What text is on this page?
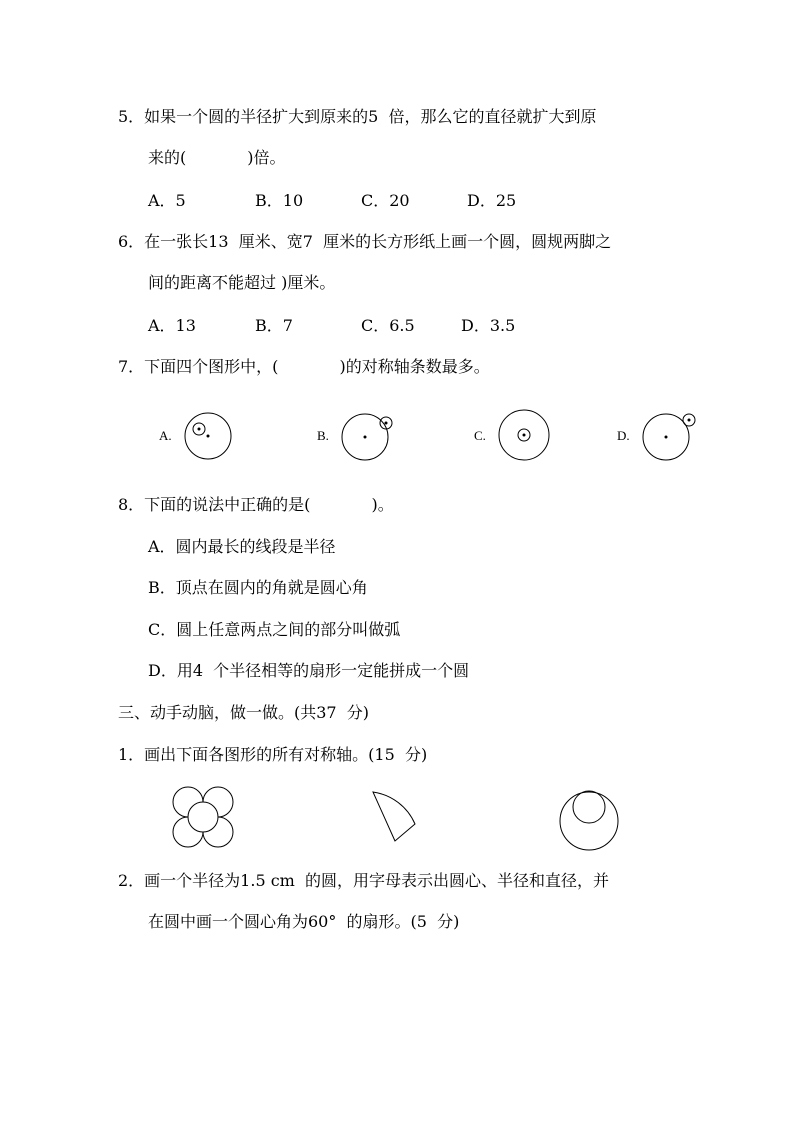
5．如果一个圆的半径扩大到原来的5  倍，那么它的直径就扩大到原
来的(            )倍。
A．5	B．10	C．20	D．25
6．在一张长13  厘米、宽7  厘米的长方形纸上画一个圆，圆规两脚之
间的距离不能超过 )厘米。
A．13	B．7	C．6.5	D．3.5
7．下面四个图形中，(            )的对称轴条数最多。
A.	B.	C.	D.
8．下面的说法中正确的是(            )。
A．圆内最长的线段是半径
B．顶点在圆内的角就是圆心角
C．圆上任意两点之间的部分叫做弧
D．用4  个半径相等的扇形一定能拼成一个圆
三、动手动脑，做一做。(共37  分)
1．画出下面各图形的所有对称轴。(15  分)
2．画一个半径为1.5 cm  的圆，用字母表示出圆心、半径和直径，并
在圆中画一个圆心角为60°  的扇形。(5  分)
